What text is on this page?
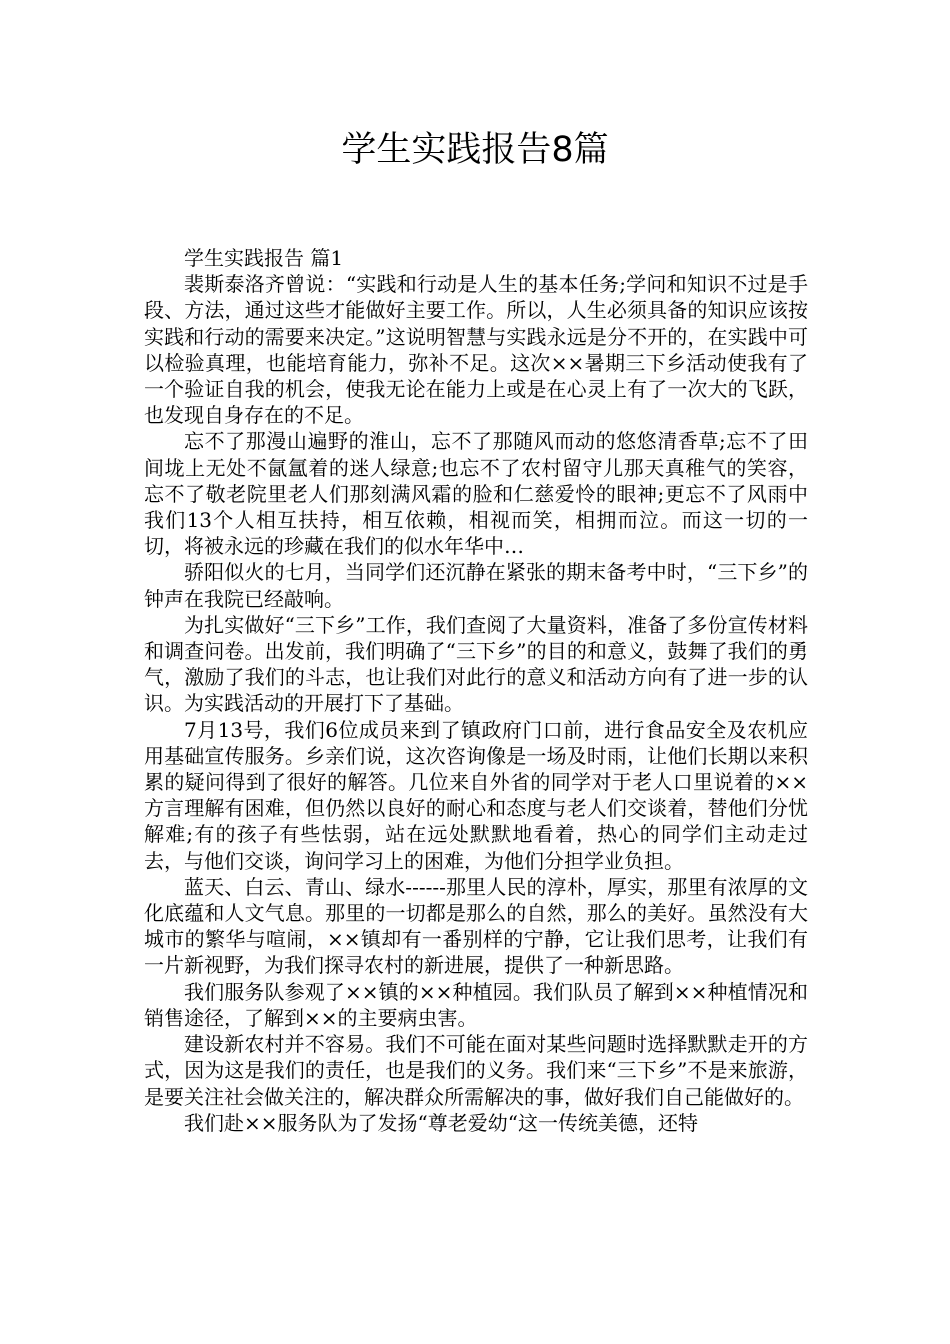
学生实践报告8篇

学生实践报告 篇1

裴斯泰洛齐曾说：“实践和行动是人生的基本任务;学问和知识不过是手段、方法，通过这些才能做好主要工作。所以，人生必须具备的知识应该按实践和行动的需要来决定。”这说明智慧与实践永远是分不开的，在实践中可以检验真理，也能培育能力，弥补不足。这次××暑期三下乡活动使我有了一个验证自我的机会，使我无论在能力上或是在心灵上有了一次大的飞跃，也发现自身存在的不足。

忘不了那漫山遍野的淮山，忘不了那随风而动的悠悠清香草;忘不了田间垅上无处不氤氲着的迷人绿意;也忘不了农村留守儿那天真稚气的笑容，忘不了敬老院里老人们那刻满风霜的脸和仁慈爱怜的眼神;更忘不了风雨中我们13个人相互扶持，相互依赖，相视而笑，相拥而泣。而这一切的一切，将被永远的珍藏在我们的似水年华中…

骄阳似火的七月，当同学们还沉静在紧张的期末备考中时，“三下乡”的钟声在我院已经敲响。

为扎实做好“三下乡”工作，我们查阅了大量资料，准备了多份宣传材料和调查问卷。出发前，我们明确了“三下乡”的目的和意义，鼓舞了我们的勇气，激励了我们的斗志，也让我们对此行的意义和活动方向有了进一步的认识。为实践活动的开展打下了基础。

7月13号，我们6位成员来到了镇政府门口前，进行食品安全及农机应用基础宣传服务。乡亲们说，这次咨询像是一场及时雨，让他们长期以来积累的疑问得到了很好的解答。几位来自外省的同学对于老人口里说着的××方言理解有困难，但仍然以良好的耐心和态度与老人们交谈着，替他们分忧解难;有的孩子有些怯弱，站在远处默默地看着，热心的同学们主动走过去，与他们交谈，询问学习上的困难，为他们分担学业负担。

蓝天、白云、青山、绿水------那里人民的淳朴，厚实，那里有浓厚的文化底蕴和人文气息。那里的一切都是那么的自然，那么的美好。虽然没有大城市的繁华与喧闹，××镇却有一番别样的宁静，它让我们思考，让我们有一片新视野，为我们探寻农村的新进展，提供了一种新思路。

我们服务队参观了××镇的××种植园。我们队员了解到××种植情况和销售途径，了解到××的主要病虫害。

建设新农村并不容易。我们不可能在面对某些问题时选择默默走开的方式，因为这是我们的责任，也是我们的义务。我们来“三下乡”不是来旅游，是要关注社会做关注的，解决群众所需解决的事，做好我们自己能做好的。

我们赴××服务队为了发扬“尊老爱幼“这一传统美德，还特
